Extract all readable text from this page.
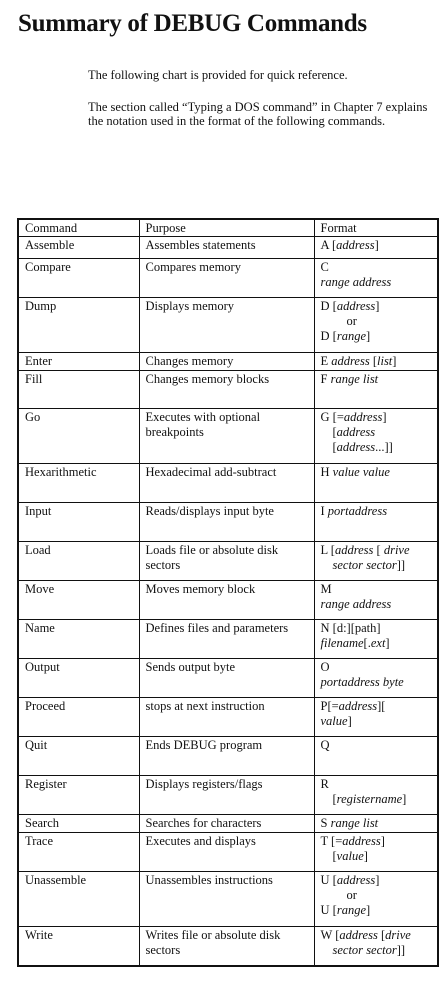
Summary of DEBUG Commands

The following chart is provided for quick reference.

The section called “Typing a DOS command” in Chapter 7 explains the notation used in the format of the following commands.

Command	Purpose	Format
Assemble	Assembles statements	A [address]

Compare	Compares memory	C
range address

Dump	Displays memory	D [address]
or
D [range]

Enter	Changes memory	E address [list]

Fill	Changes memory blocks	F range list

Go	Executes with optional breakpoints	G [=address]
[address
[address...]]

Hexarithmetic	Hexadecimal add-subtract	H value value

Input	Reads/displays input byte	I portaddress

Load	Loads file or absolute disk sectors	L [address [ drive
sector sector]]

Move	Moves memory block	M
range address

Name	Defines files and parameters	N [d:][path]
filename[.ext]

Output	Sends output byte	O
portaddress byte

Proceed	stops at next instruction	P[=address][
value]

Quit	Ends DEBUG program	Q

Register	Displays registers/flags	R
[registername]

Search	Searches for characters	S range list

Trace	Executes and displays	T [=address]
[value]

Unassemble	Unassembles instructions	U [address]
or
U [range]

Write	Writes file or absolute disk sectors	W [address [drive
sector sector]]
